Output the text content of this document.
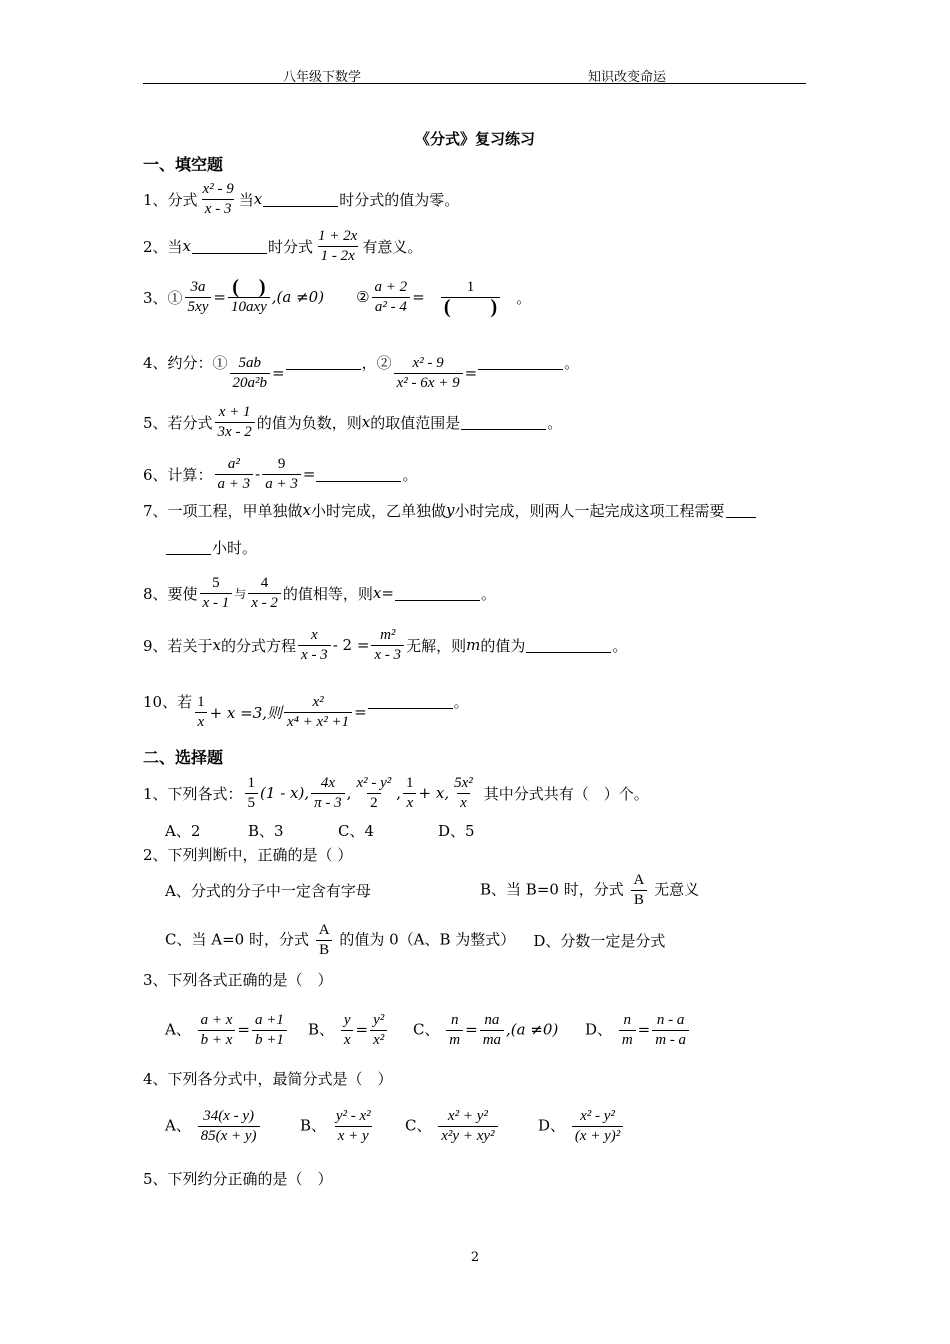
八年级下数学	知识改变命运
《分式》复习练习
一、填空题
1、分式 $\frac{\text{x² - 9}}{x - 3}$ 当 x	时分式的值为零。
2、当 x	时分式 $\frac{1 + 2x}{1 - 2x}$ 有意义。
3、① $\frac{3a}{5xy} = \frac{( )}{\text{10axy}} ,(a \ne 0)$ ② $\frac{a + 2}{\text{a² - 4}} = \frac{1}{( )}$ 。
4、约分：① $\frac{5ab}{\text{20a²b}}$ =
，② $\frac{\text{x² - 9}}{\text{x² - 6x + 9}}$ =
。
5、若分式 $\frac{x + 1}{3x - 2}$ 的值为负数，则 x 的取值范围是	。
6、计算： $\frac{\text{a²}}{a + 3} - \frac{9}{a + 3}$ =	。
7、一项工程，甲单独做 x 小时完成，乙单独做 y 小时完成，则两人一起完成这项工程需要
小时。
8、要使 $\frac{5}{x - 1}$ 与 $\frac{4}{x - 2}$ 的值相等，则 x =	。
9、若关于 x 的分式方程 $\frac{x}{x - 3} - 2 = \frac{\text{m²}}{x - 3}$ 无解，则 m 的值为	。
10、若 $\frac{1}{x} + x =3$,则 $\frac{\text{x²}}{\text{x⁴ + x² +1}}$ =
。
二、选择题
1、下列各式： $\frac{1}{5} (1 - x)$, $\frac{4x}{\pi - 3}$ , $\frac{\text{x² - y²}}{2}$ , $\frac{1}{x} + x$, $\frac{\text{5x²}}{x}$ 其中分式共有（　）个。
A、2	B、3	C、4	D、5
2、下列判断中，正确的是（ ）
A、分式的分子中一定含有字母	B、当 B=0 时，分式 $\frac{A}{B}$ 无意义
C、当 A=0 时，分式 $\frac{A}{B}$ 的值为 0（A、B 为整式） D、分数一定是分式
3、下列各式正确的是（　）
A、 $\frac{a + x}{b + x} = \frac{a +1}{b +1}$ B、 $\frac{y}{x} = \frac{\text{y²}}{\text{x²}}$ C、 $\frac{n}{m} = \frac{na}{ma} ,(a \ne 0)$	D、 $\frac{n}{m} = \frac{n - a}{m - a}$
4、下列各分式中，最简分式是（　）
A、 $\frac{34(x - y)}{85(x + y)}$	B、 $\frac{\text{y² - x²}}{x + y}$ C、 $\frac{\text{x² + y²}}{\text{x²y + xy²}}$	D、 $\frac{\text{x² - y²}}{\text{(x + y)²}}$
5、下列约分正确的是（　）
2
